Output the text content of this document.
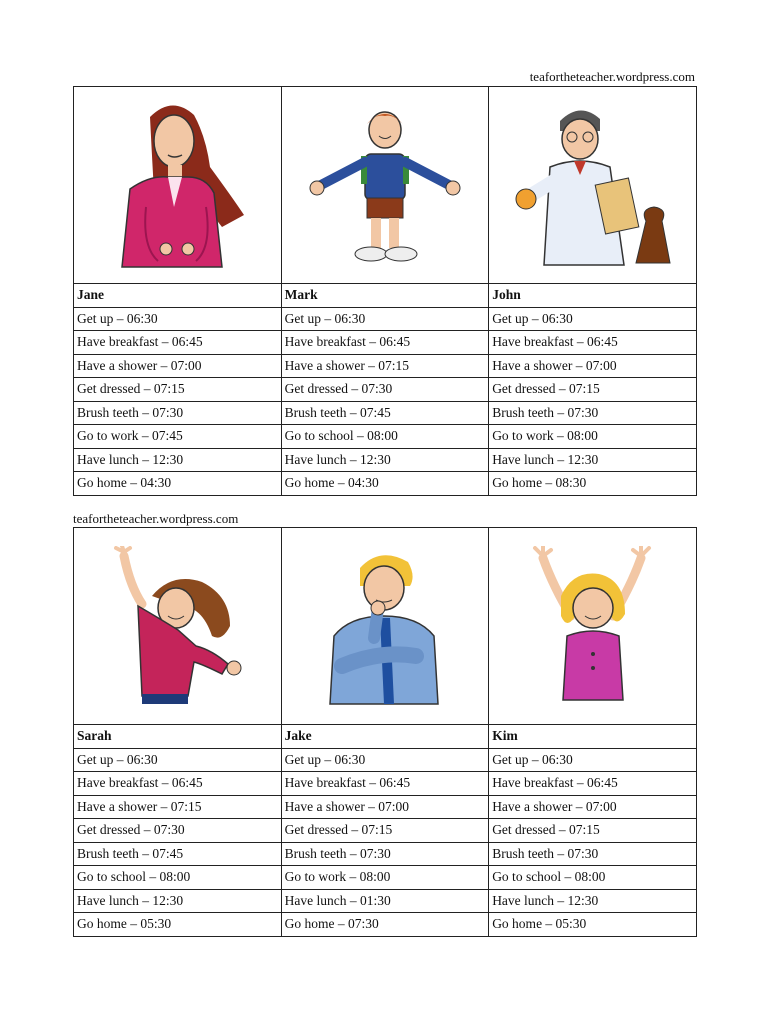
teafortheteacher.wordpress.com

Jane	Mark	John
Get up – 06:30	Get up – 06:30	Get up – 06:30
Have breakfast – 06:45	Have breakfast – 06:45	Have breakfast – 06:45
Have a shower – 07:00	Have a shower – 07:15	Have a shower – 07:00
Get dressed – 07:15	Get dressed – 07:30	Get dressed – 07:15
Brush teeth – 07:30	Brush teeth – 07:45	Brush teeth – 07:30
Go to work – 07:45	Go to school – 08:00	Go to work – 08:00
Have lunch – 12:30	Have lunch – 12:30	Have lunch – 12:30
Go home – 04:30	Go home – 04:30	Go home – 08:30
teafortheteacher.wordpress.com

Sarah	Jake	Kim
Get up – 06:30	Get up – 06:30	Get up – 06:30
Have breakfast – 06:45	Have breakfast – 06:45	Have breakfast – 06:45
Have a shower – 07:15	Have a shower – 07:00	Have a shower – 07:00
Get dressed – 07:30	Get dressed – 07:15	Get dressed – 07:15
Brush teeth – 07:45	Brush teeth – 07:30	Brush teeth – 07:30
Go to school – 08:00	Go to work – 08:00	Go to school – 08:00
Have lunch – 12:30	Have lunch – 01:30	Have lunch – 12:30
Go home – 05:30	Go home – 07:30	Go home – 05:30
